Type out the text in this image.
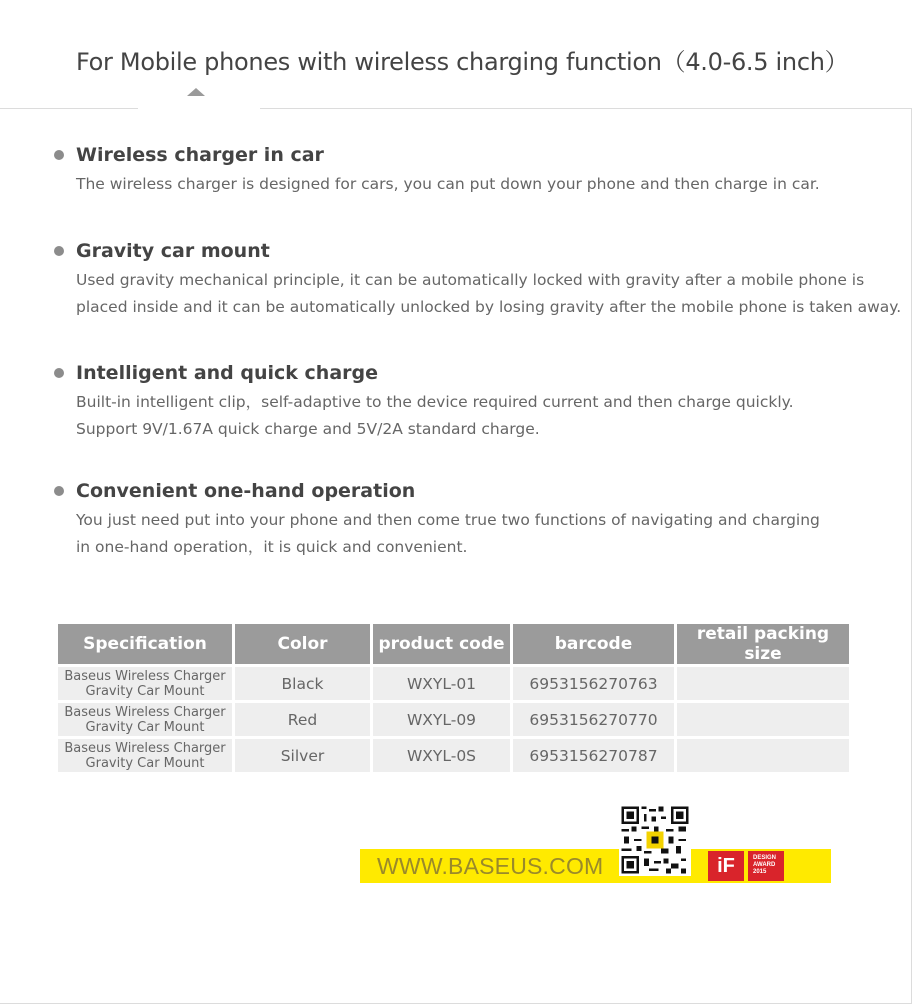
For Mobile phones with wireless charging function（4.0-6.5 inch）
Wireless charger in car

The wireless charger is designed for cars, you can put down your phone and then charge in car.

Gravity car mount

Used gravity mechanical principle, it can be automatically locked with gravity after a mobile phone is
placed inside and it can be automatically unlocked by losing gravity after the mobile phone is taken away.

Intelligent and quick charge

Built-in intelligent clip，self-adaptive to the device required current and then charge quickly.
Support 9V/1.67A quick charge and 5V/2A standard charge.

Convenient one-hand operation

You just need put into your phone and then come true two functions of navigating and charging
in one-hand operation，it is quick and convenient.

Specification	Color	product code	barcode	retail packing size

Baseus Wireless Charger
Gravity Car Mount	Black	WXYL-01	6953156270763	

Baseus Wireless Charger
Gravity Car Mount	Red	WXYL-09	6953156270770	

Baseus Wireless Charger
Gravity Car Mount	Silver	WXYL-0S	6953156270787	
WWW.BASEUS.COM	iF	DESIGN
AWARD
2015
